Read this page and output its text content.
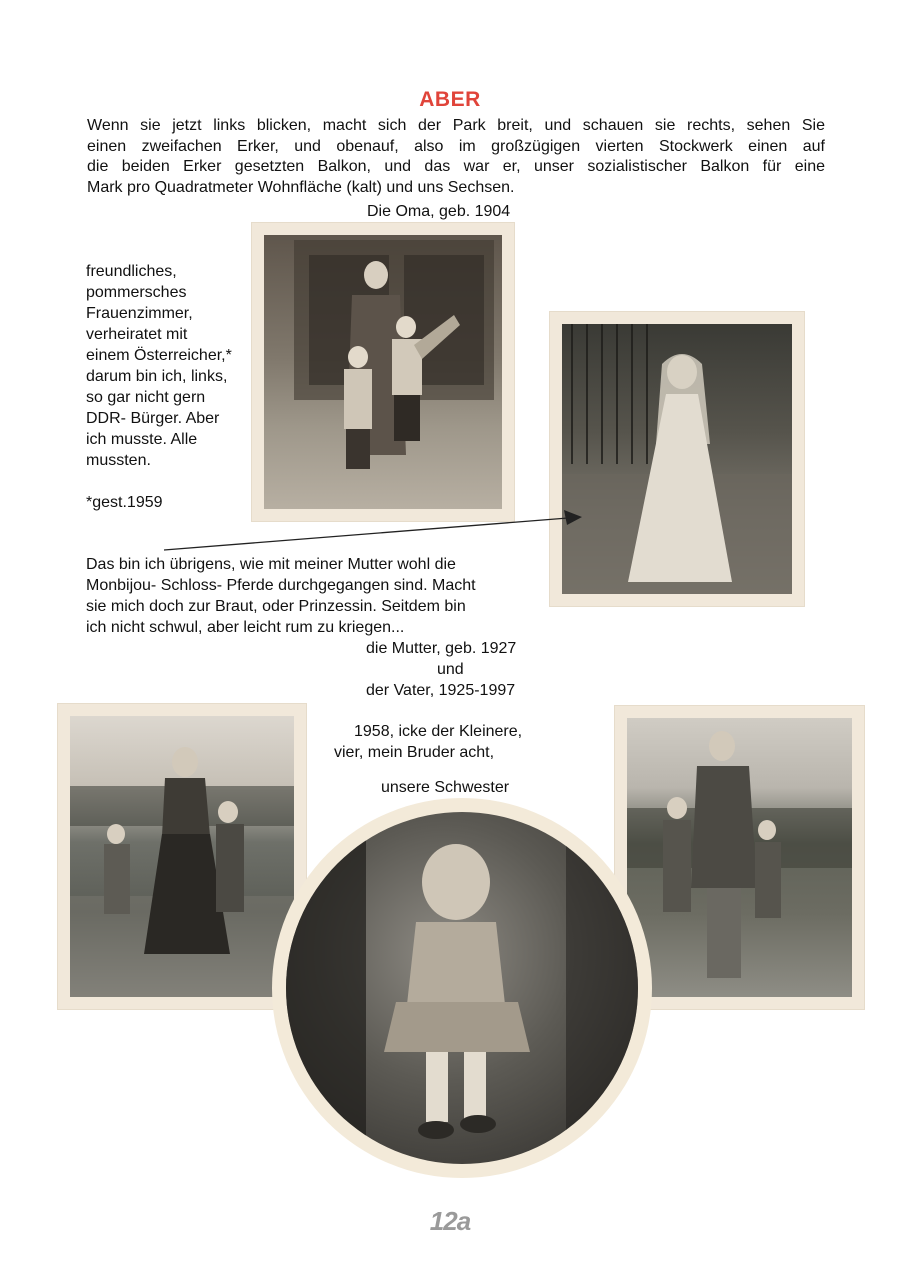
ABER
Wenn sie jetzt links blicken, macht sich der Park breit, und schauen sie rechts, sehen Sie
einen zweifachen Erker, und obenauf, also im großzügigen vierten Stockwerk einen auf
die beiden Erker gesetzten Balkon, und das war er, unser sozialistischer Balkon für eine
Mark pro Quadratmeter Wohnfläche (kalt) und uns Sechsen.
Die Oma, geb. 1904
freundliches,
pommersches
Frauenzimmer,
verheiratet mit
einem Österreicher,*
darum bin ich, links,
so gar nicht gern
DDR- Bürger. Aber
ich musste. Alle
mussten.
*gest.1959
Das bin ich übrigens, wie mit meiner Mutter wohl die
Monbijou- Schloss- Pferde durchgegangen sind. Macht
sie mich doch zur Braut, oder Prinzessin. Seitdem bin
ich nicht schwul, aber leicht rum zu kriegen...
die Mutter, geb. 1927
und
der Vater, 1925-1997
1958, icke der Kleinere,
vier, mein Bruder acht,
unsere Schwester
12a
